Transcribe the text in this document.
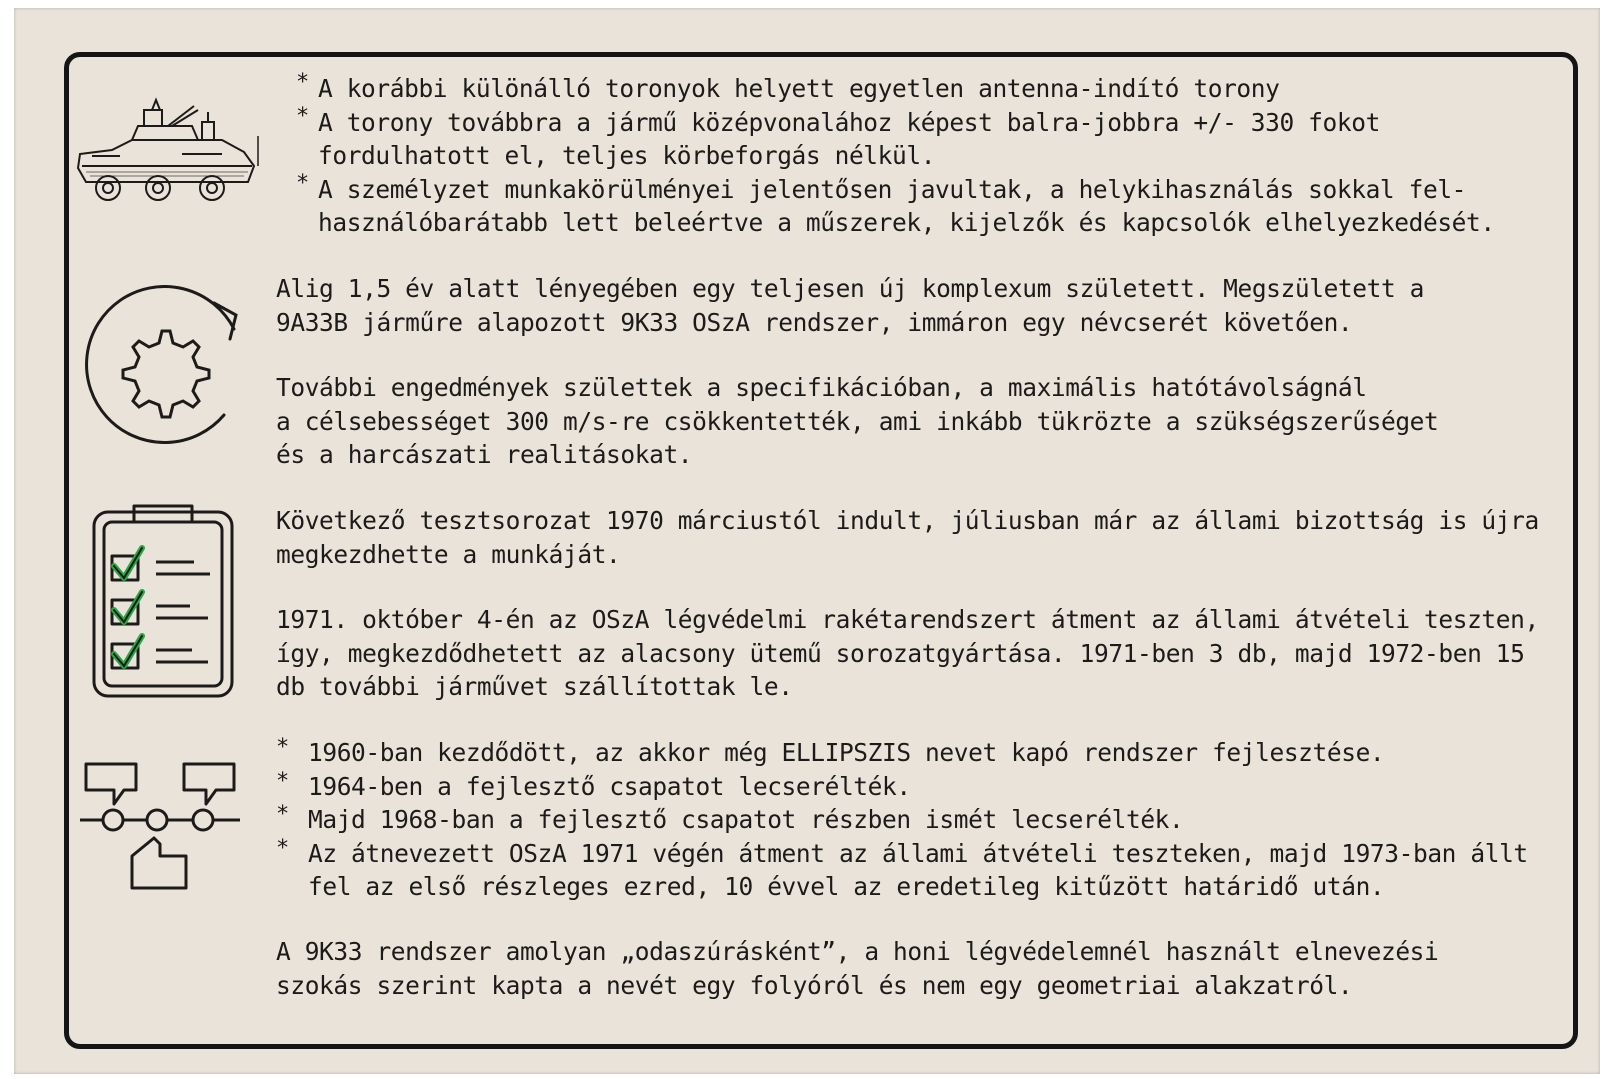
* A korábbi különálló toronyok helyett egyetlen antenna-indító torony
* A torony továbbra a jármű középvonalához képest balra-jobbra +/- 330 fokot
fordulhatott el, teljes körbeforgás nélkül.
* A személyzet munkakörülményei jelentősen javultak, a helykihasználás sokkal fel-
használóbarátabb lett beleértve a műszerek, kijelzők és kapcsolók elhelyezkedését.

Alig 1,5 év alatt lényegében egy teljesen új komplexum született. Megszületett a

9A33B járműre alapozott 9K33 OSzA rendszer, immáron egy névcserét követően.

További engedmények születtek a specifikációban, a maximális hatótávolságnál

a célsebességet 300 m/s-re csökkentették, ami inkább tükrözte a szükségszerűséget

és a harcászati realitásokat.

Következő tesztsorozat 1970 márciustól indult, júliusban már az állami bizottság is újra

megkezdhette a munkáját.

1971. október 4-én az OSzA légvédelmi rakétarendszert átment az állami átvételi teszten,

így, megkezdődhetett az alacsony ütemű sorozatgyártása. 1971-ben 3 db, majd 1972-ben 15

db további járművet szállítottak le.

* 1960-ban kezdődött, az akkor még ELLIPSZIS nevet kapó rendszer fejlesztése.
* 1964-ben a fejlesztő csapatot lecserélték.
* Majd 1968-ban a fejlesztő csapatot részben ismét lecserélték.
* Az átnevezett OSzA 1971 végén átment az állami átvételi teszteken, majd 1973-ban állt
fel az első részleges ezred, 10 évvel az eredetileg kitűzött határidő után.

A 9K33 rendszer amolyan „odaszúrásként”, a honi légvédelemnél használt elnevezési

szokás szerint kapta a nevét egy folyóról és nem egy geometriai alakzatról.
